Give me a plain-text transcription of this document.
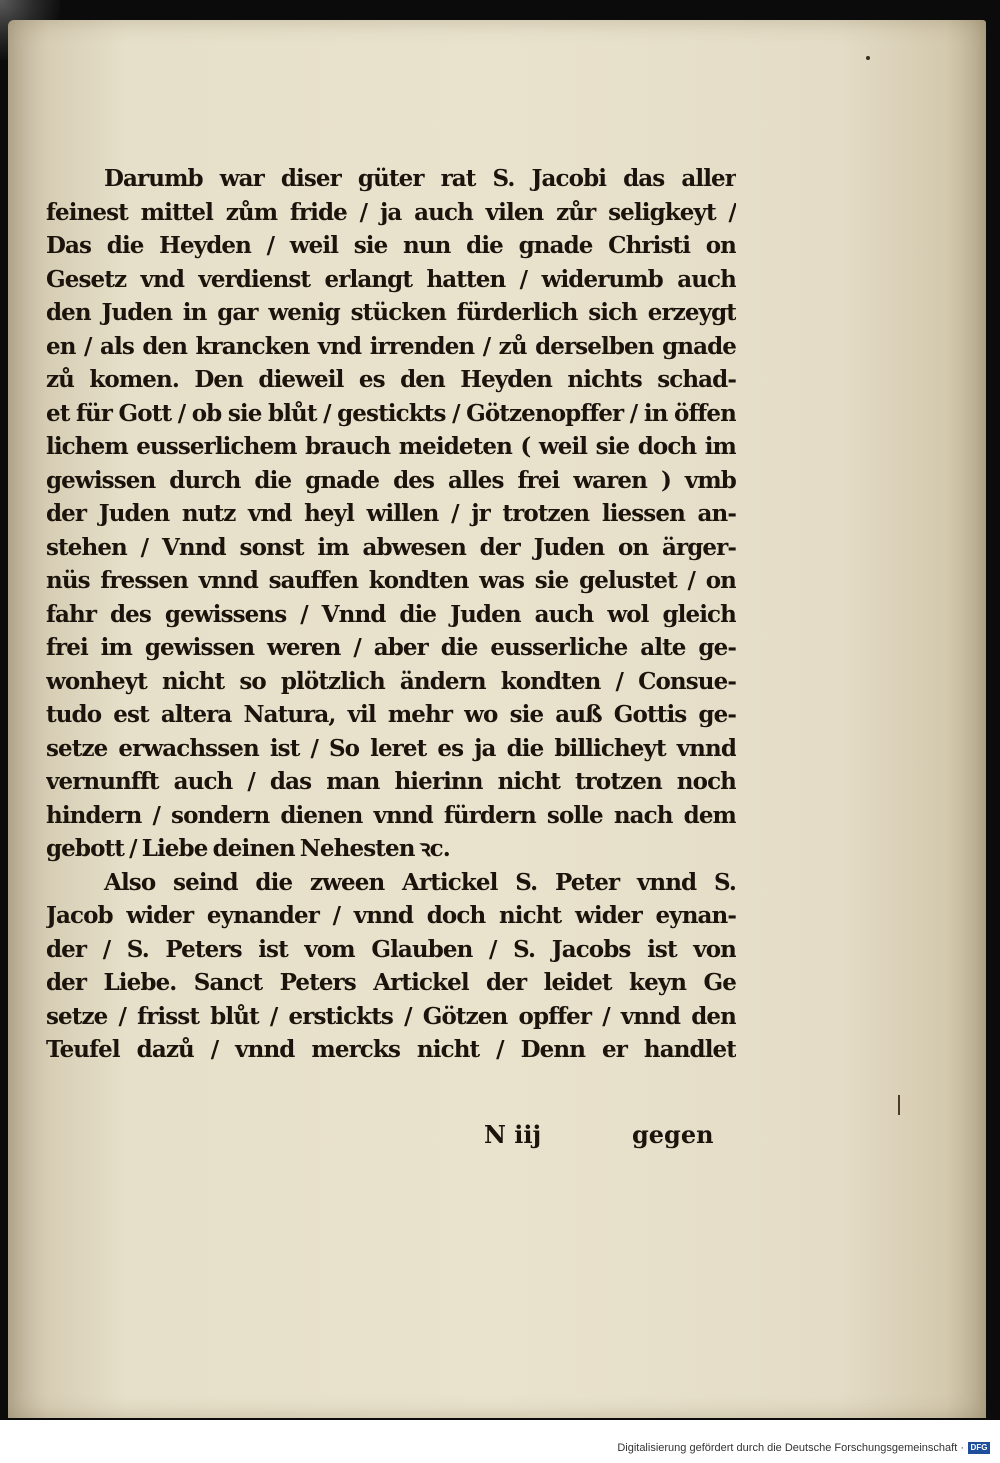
Darumb war diser güter rat S. Jacobi das aller
feinest mittel zům fride / ja auch vilen zůr seligkeyt /
Das die Heyden / weil sie nun die gnade Christi on
Gesetz vnd verdienst erlangt hatten / widerumb auch
den Juden in gar wenig stücken fürderlich sich erzeygt
en / als den krancken vnd irrenden / zů derselben gnade
zů komen. Den dieweil es den Heyden nichts schad-
et für Gott / ob sie blůt / gestickts / Götzenopffer / in öffen
lichem eusserlichem brauch meideten ( weil sie doch im
gewissen durch die gnade des alles frei waren ) vmb
der Juden nutz vnd heyl willen / jr trotzen liessen an-
stehen / Vnnd sonst im abwesen der Juden on ärger-
nüs fressen vnnd sauffen kondten was sie gelustet / on
fahr des gewissens / Vnnd die Juden auch wol gleich
frei im gewissen weren / aber die eusserliche alte ge-
wonheyt nicht so plötzlich ändern kondten / Consue-
tudo est altera Natura, vil mehr wo sie auß Gottis ge-
setze erwachssen ist / So leret es ja die billicheyt vnnd
vernunfft auch / das man hierinn nicht trotzen noch
hindern / sondern dienen vnnd fürdern solle nach dem
gebott / Liebe deinen Nehesten ꝛc.
Also seind die zween Artickel S. Peter vnnd S.
Jacob wider eynander / vnnd doch nicht wider eynan-
der / S. Peters ist vom Glauben / S. Jacobs ist von
der Liebe. Sanct Peters Artickel der leidet keyn Ge
setze / frisst blůt / erstickts / Götzen opffer / vnnd den
Teufel dazů / vnnd mercks nicht / Denn er handlet
N iij	gegen
Digitalisierung gefördert durch die Deutsche Forschungsgemeinschaft · DFG
